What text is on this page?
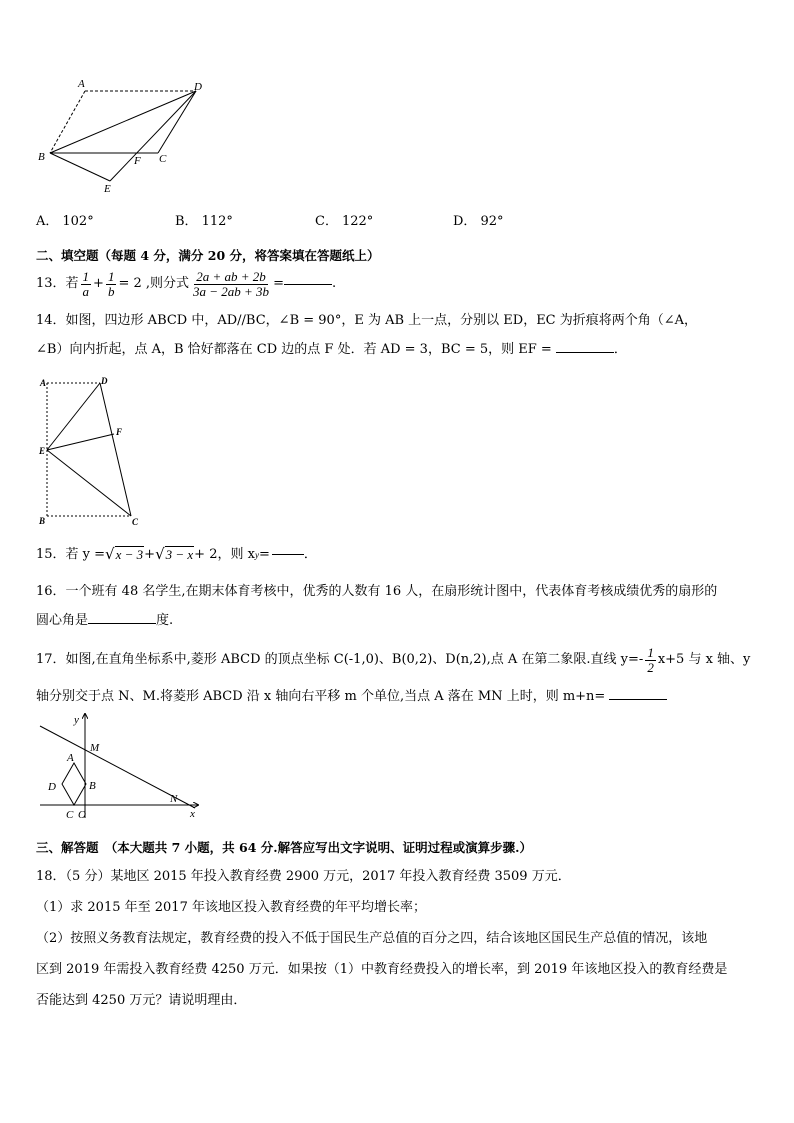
A	D
B	F C
E
A． 102°	B． 112°	C． 122°	D． 92°
二、填空题（每题 4 分，满分 20 分，将答案填在答题纸上）
13．若 $\frac{1}{a} + \frac{1}{b} = 2$ ,则分式 $\frac{2a + ab + 2b}{3a - 2ab + 3b}$ =	.
14．如图，四边形 ABCD 中，AD//BC，∠B = 90°，E 为 AB 上一点，分别以 ED，EC 为折痕将两个角（∠A，
∠B）向内折起，点 A，B 恰好都落在 CD 边的点 F 处．若 AD = 3，BC = 5，则 EF =	．
A	D
F
E
B	C
15．若 y = √ x − 3 + √ 3 − x + 2，则 x y =	．
16．一个班有 48 名学生,在期末体育考核中，优秀的人数有 16 人，在扇形统计图中，代表体育考核成绩优秀的扇形的
圆心角是	度.
17．如图,在直角坐标系中,菱形 ABCD 的顶点坐标 C(-1,0)、B(0,2)、D(n,2),点 A 在第二象限.直线 $y=- \frac{1}{2} x+5$ 与 x 轴、y
轴分别交于点 N、M.将菱形 ABCD 沿 x 轴向右平移 m 个单位,当点 A 落在 MN 上时，则 m+n=
y
x
M
A
D	B
N
C O
三、解答题　（本大题共 7 小题，共 64 分.解答应写出文字说明、证明过程或演算步骤.）
18．（5 分）某地区 2015 年投入教育经费 2900 万元，2017 年投入教育经费 3509 万元．
（1）求 2015 年至 2017 年该地区投入教育经费的年平均增长率；
（2）按照义务教育法规定，教育经费的投入不低于国民生产总值的百分之四，结合该地区国民生产总值的情况，该地
区到 2019 年需投入教育经费 4250 万元．如果按（1）中教育经费投入的增长率，到 2019 年该地区投入的教育经费是
否能达到 4250 万元？请说明理由．
